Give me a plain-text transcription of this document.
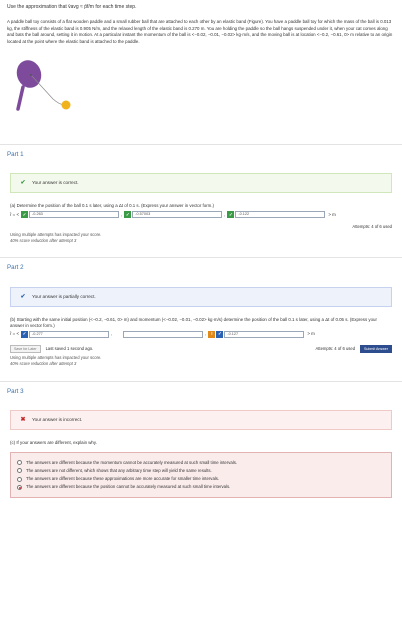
Use the approximation that v̄avg ≈ p̄f/m for each time step.
A paddle ball toy consists of a flat wooden paddle and a small rubber ball that are attached to each other by an elastic band (Figure). You have a paddle ball toy for which the mass of the ball is 0.013 kg, the stiffness of the elastic band is 0.905 N/m, and the relaxed length of the elastic band is 0.270 m. You are holding the paddle so the ball hangs suspended under it, when your cat comes along and bats the ball around, setting it in motion. At a particular instant the momentum of the ball is <−0.02, −0.01, −0.02> kg·m/s, and the moving ball is at location <−0.2, −0.61, 0> m relative to an origin located at the point where the elastic band is attached to the paddle.
Part 1
✔	Your answer is correct.
(a) Determine the position of the ball 0.1 s later, using a Δt of 0.1 s. (Express your answer in vector form.)
r̄ = < ✓	-0.263	, ✓	-0.57003	, ✓	-0.122	> m
Attempts: 4 of 6 used
Using multiple attempts has impacted your score.
40% score reduction after attempt 3
Part 2
✔	Your answer is partially correct.
(b) Starting with the same initial position (<−0.2, −0.61, 0> m) and momentum (<−0.02, −0.01, −0.02> kg·m/s) determine the position of the ball 0.1 s later, using a Δt of 0.05 s. (Express your answer in vector form.)
r̄ = < ✓	-0.277	,	,	!	✓	-0.127	> m
Save for Later	Last saved 1 second ago.	Attempts: 4 of 6 used	Submit Answer
Using multiple attempts has impacted your score.
40% score reduction after attempt 3
Part 3
✖	Your answer is incorrect.
(c) If your answers are different, explain why.
The answers are different because the momentum cannot be accurately measured at such small time intervals.
The answers are not different, which shows that any arbitrary time step will yield the same results.
The answers are different because these approximations are more accurate for smaller time intervals.
The answers are different because the position cannot be accurately measured at such small time intervals.
